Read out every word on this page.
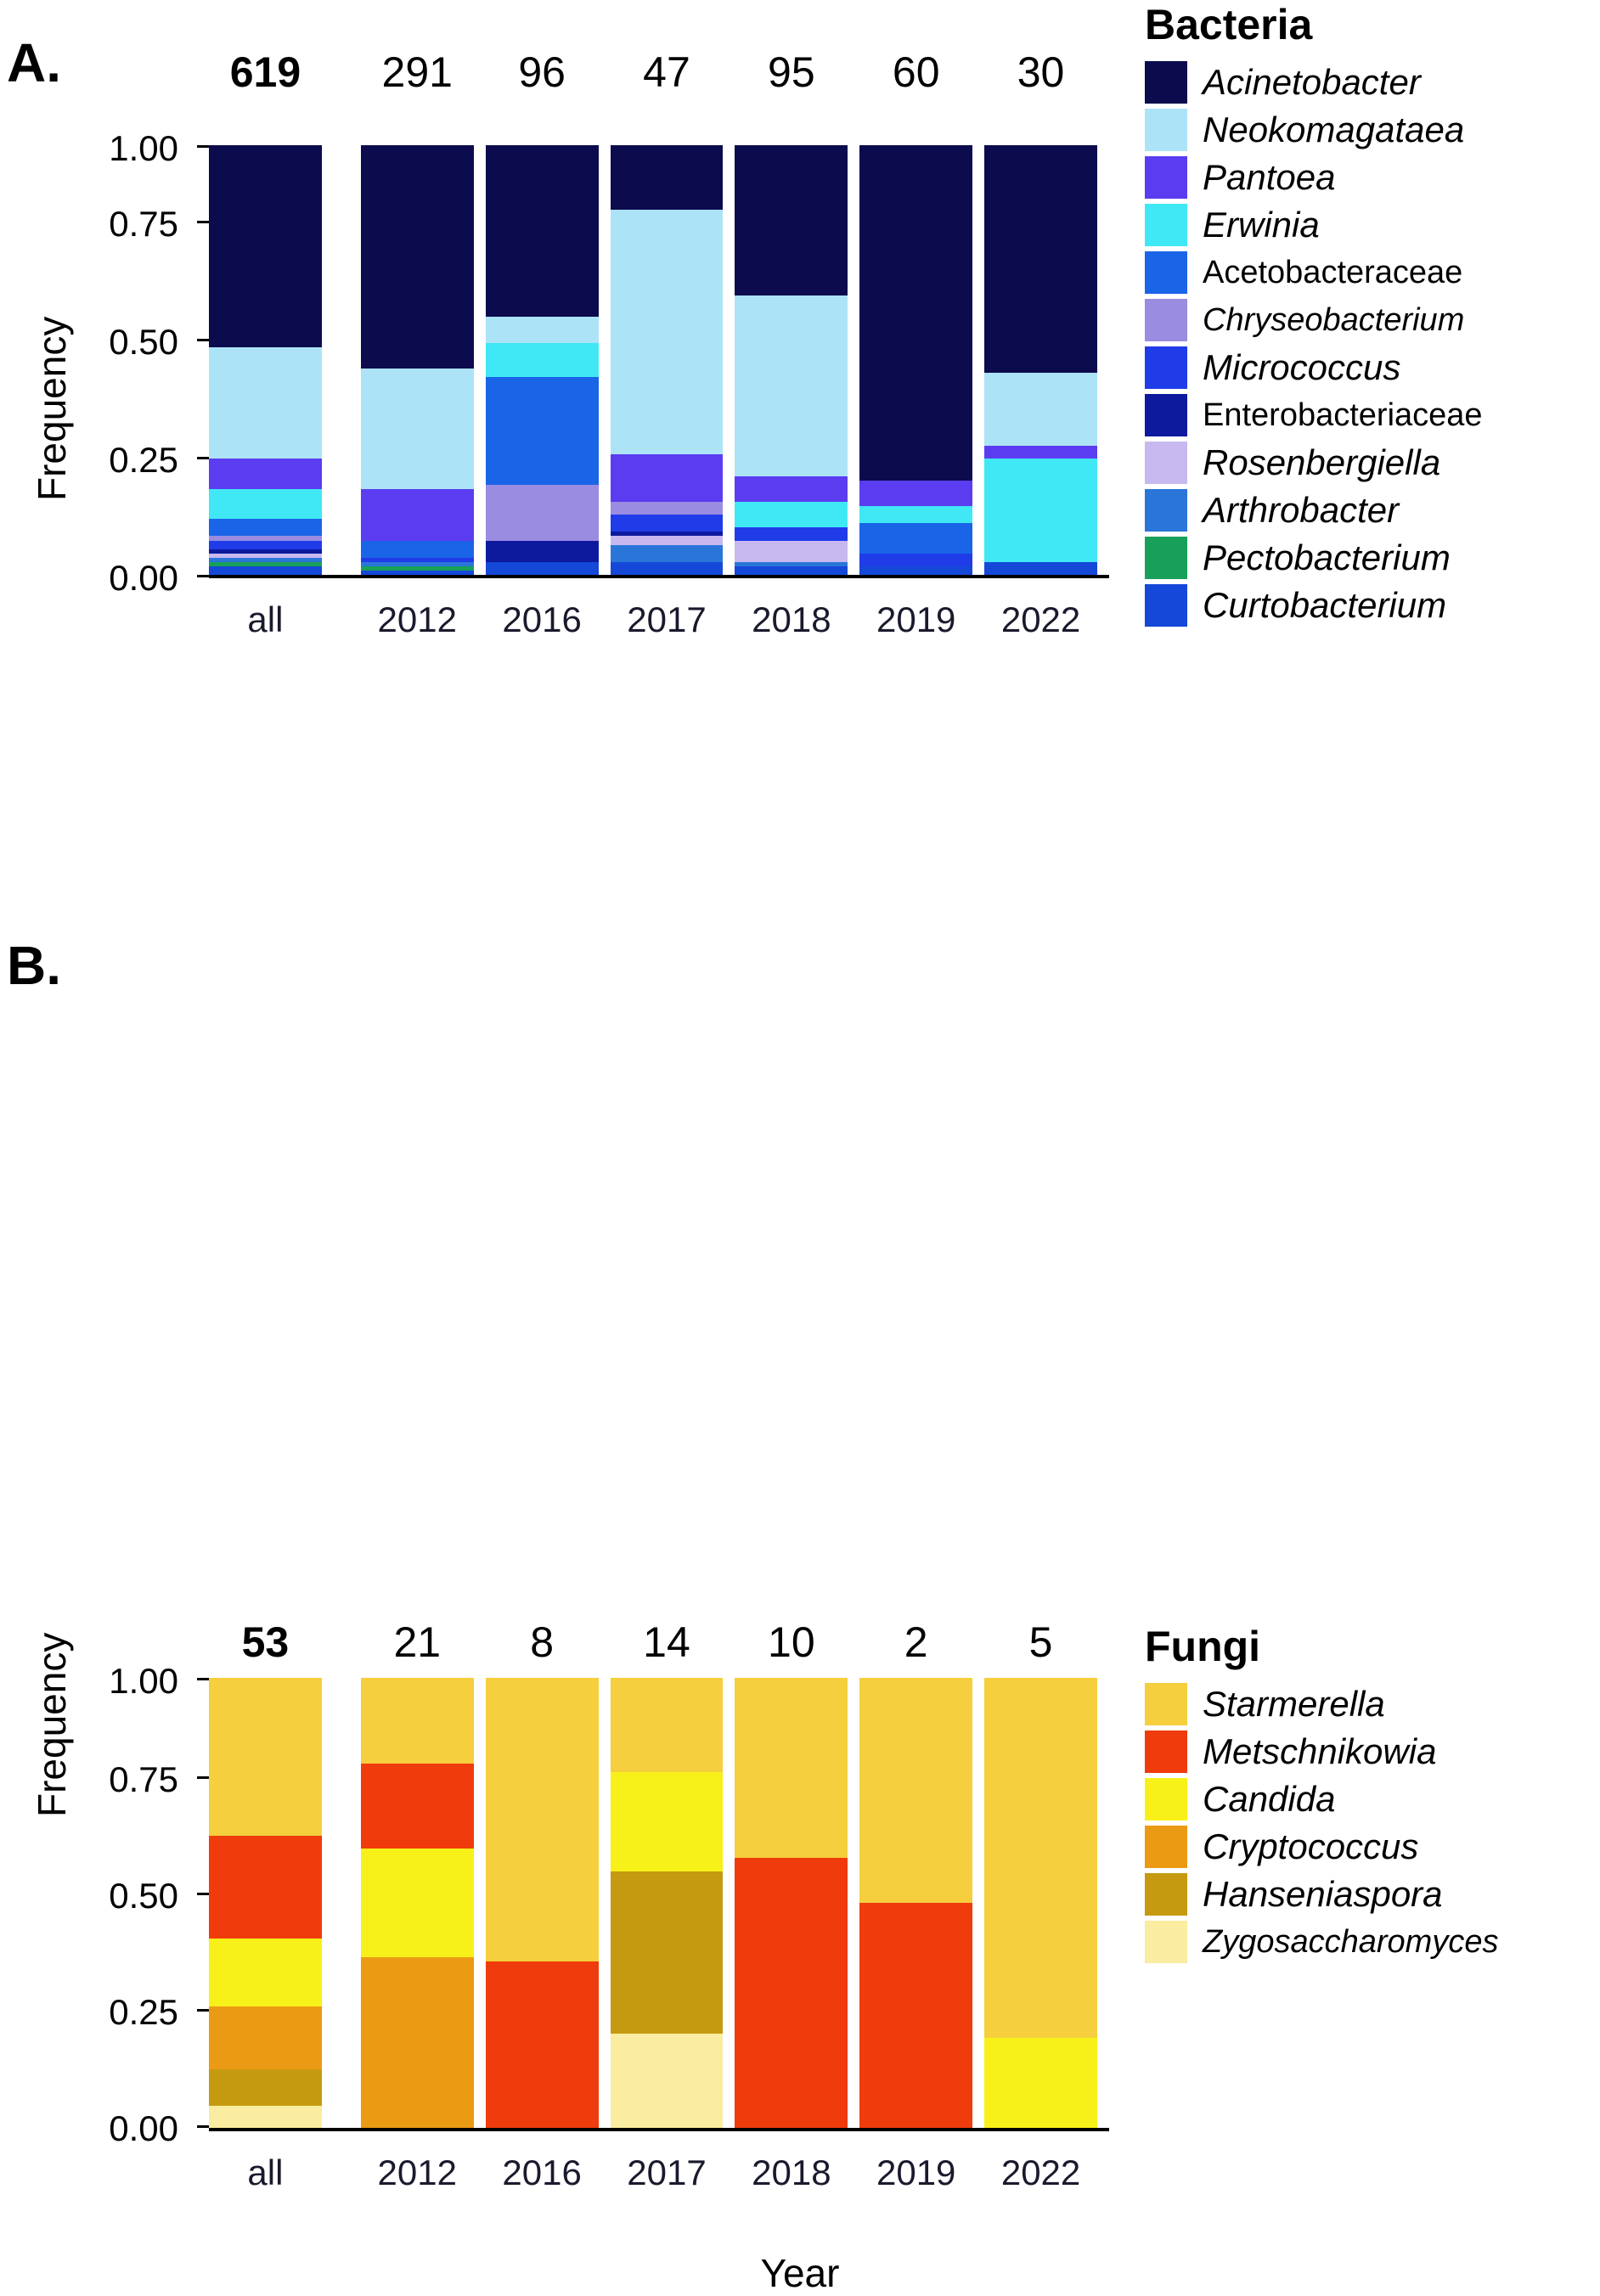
A.
Frequency
0.00
0.25
0.50
0.75
1.00
619	291	96	47	95	60	30
all	2012	2016	2017	2018	2019	2022
Bacteria
Acinetobacter
Neokomagataea
Pantoea
Erwinia
Acetobacteraceae
Chryseobacterium
Micrococcus
Enterobacteriaceae
Rosenbergiella
Arthrobacter
Pectobacterium
Curtobacterium
B.
Frequency
0.00
0.25
0.50
0.75
1.00
53	21	8	14	10	2	5
all	2012	2016	2017	2018	2019	2022
Year
Fungi
Starmerella
Metschnikowia
Candida
Cryptococcus
Hanseniaspora
Zygosaccharomyces
